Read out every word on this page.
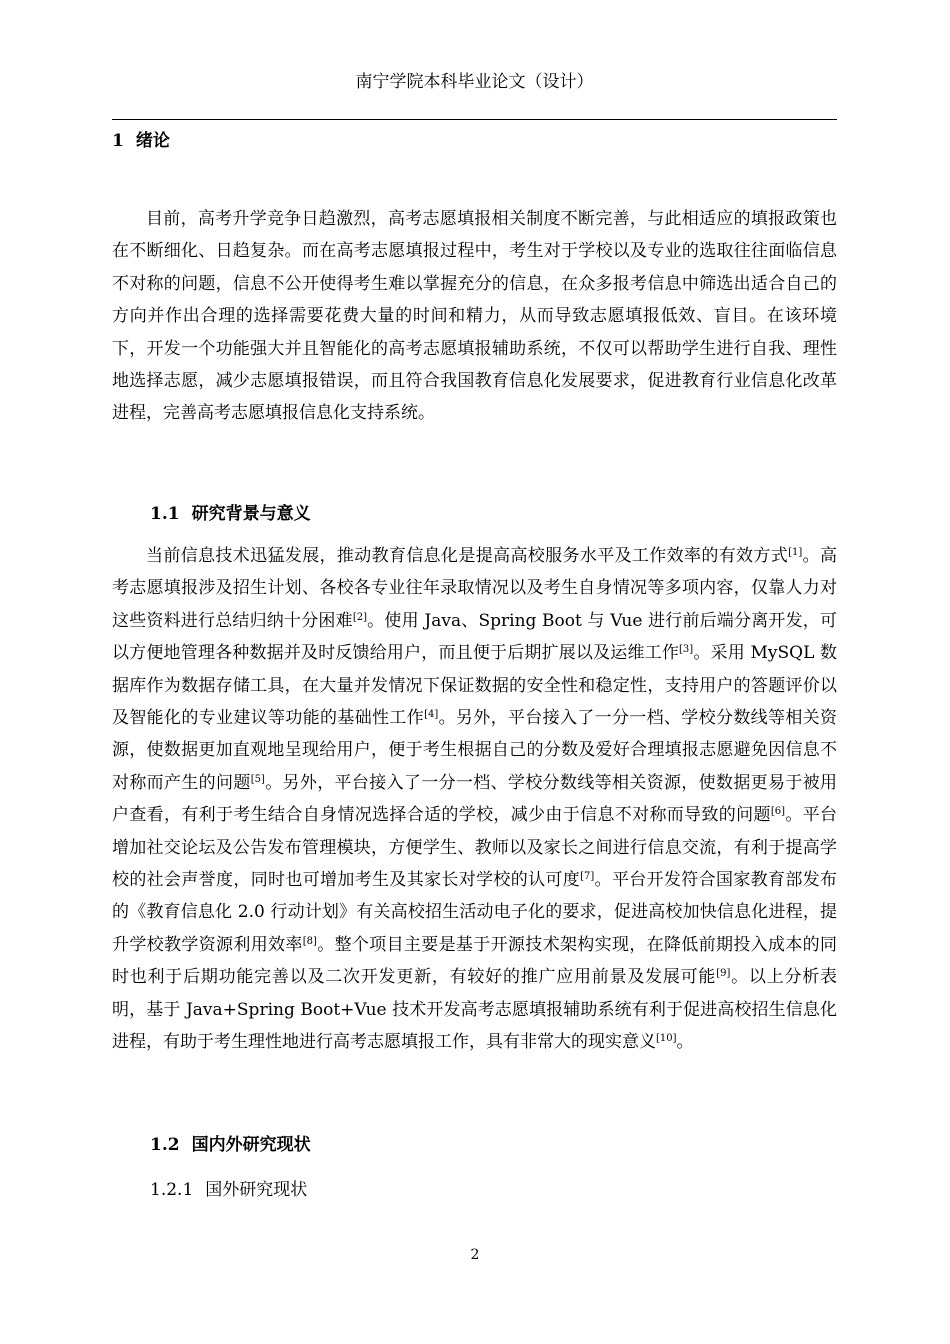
南宁学院本科毕业论文（设计）
1 绪论
目前，高考升学竞争日趋激烈，高考志愿填报相关制度不断完善，与此相适应的填报政策也在不断细化、日趋复杂。而在高考志愿填报过程中，考生对于学校以及专业的选取往往面临信息不对称的问题，信息不公开使得考生难以掌握充分的信息，在众多报考信息中筛选出适合自己的方向并作出合理的选择需要花费大量的时间和精力，从而导致志愿填报低效、盲目。在该环境下，开发一个功能强大并且智能化的高考志愿填报辅助系统，不仅可以帮助学生进行自我、理性地选择志愿，减少志愿填报错误，而且符合我国教育信息化发展要求，促进教育行业信息化改革进程，完善高考志愿填报信息化支持系统。
1.1 研究背景与意义
当前信息技术迅猛发展，推动教育信息化是提高高校服务水平及工作效率的有效方式[1]。高考志愿填报涉及招生计划、各校各专业往年录取情况以及考生自身情况等多项内容，仅靠人力对这些资料进行总结归纳十分困难[2]。使用 Java、Spring Boot 与 Vue 进行前后端分离开发，可以方便地管理各种数据并及时反馈给用户，而且便于后期扩展以及运维工作[3]。采用 MySQL 数据库作为数据存储工具，在大量并发情况下保证数据的安全性和稳定性，支持用户的答题评价以及智能化的专业建议等功能的基础性工作[4]。另外，平台接入了一分一档、学校分数线等相关资源，使数据更加直观地呈现给用户，便于考生根据自己的分数及爱好合理填报志愿避免因信息不对称而产生的问题[5]。另外，平台接入了一分一档、学校分数线等相关资源，使数据更易于被用户查看，有利于考生结合自身情况选择合适的学校，减少由于信息不对称而导致的问题[6]。平台增加社交论坛及公告发布管理模块，方便学生、教师以及家长之间进行信息交流，有利于提高学校的社会声誉度，同时也可增加考生及其家长对学校的认可度[7]。平台开发符合国家教育部发布的《教育信息化 2.0 行动计划》有关高校招生活动电子化的要求，促进高校加快信息化进程，提升学校教学资源利用效率[8]。整个项目主要是基于开源技术架构实现，在降低前期投入成本的同时也利于后期功能完善以及二次开发更新，有较好的推广应用前景及发展可能[9]。以上分析表明，基于 Java+Spring Boot+Vue 技术开发高考志愿填报辅助系统有利于促进高校招生信息化进程，有助于考生理性地进行高考志愿填报工作，具有非常大的现实意义[10]。
1.2 国内外研究现状
1.2.1 国外研究现状
2
